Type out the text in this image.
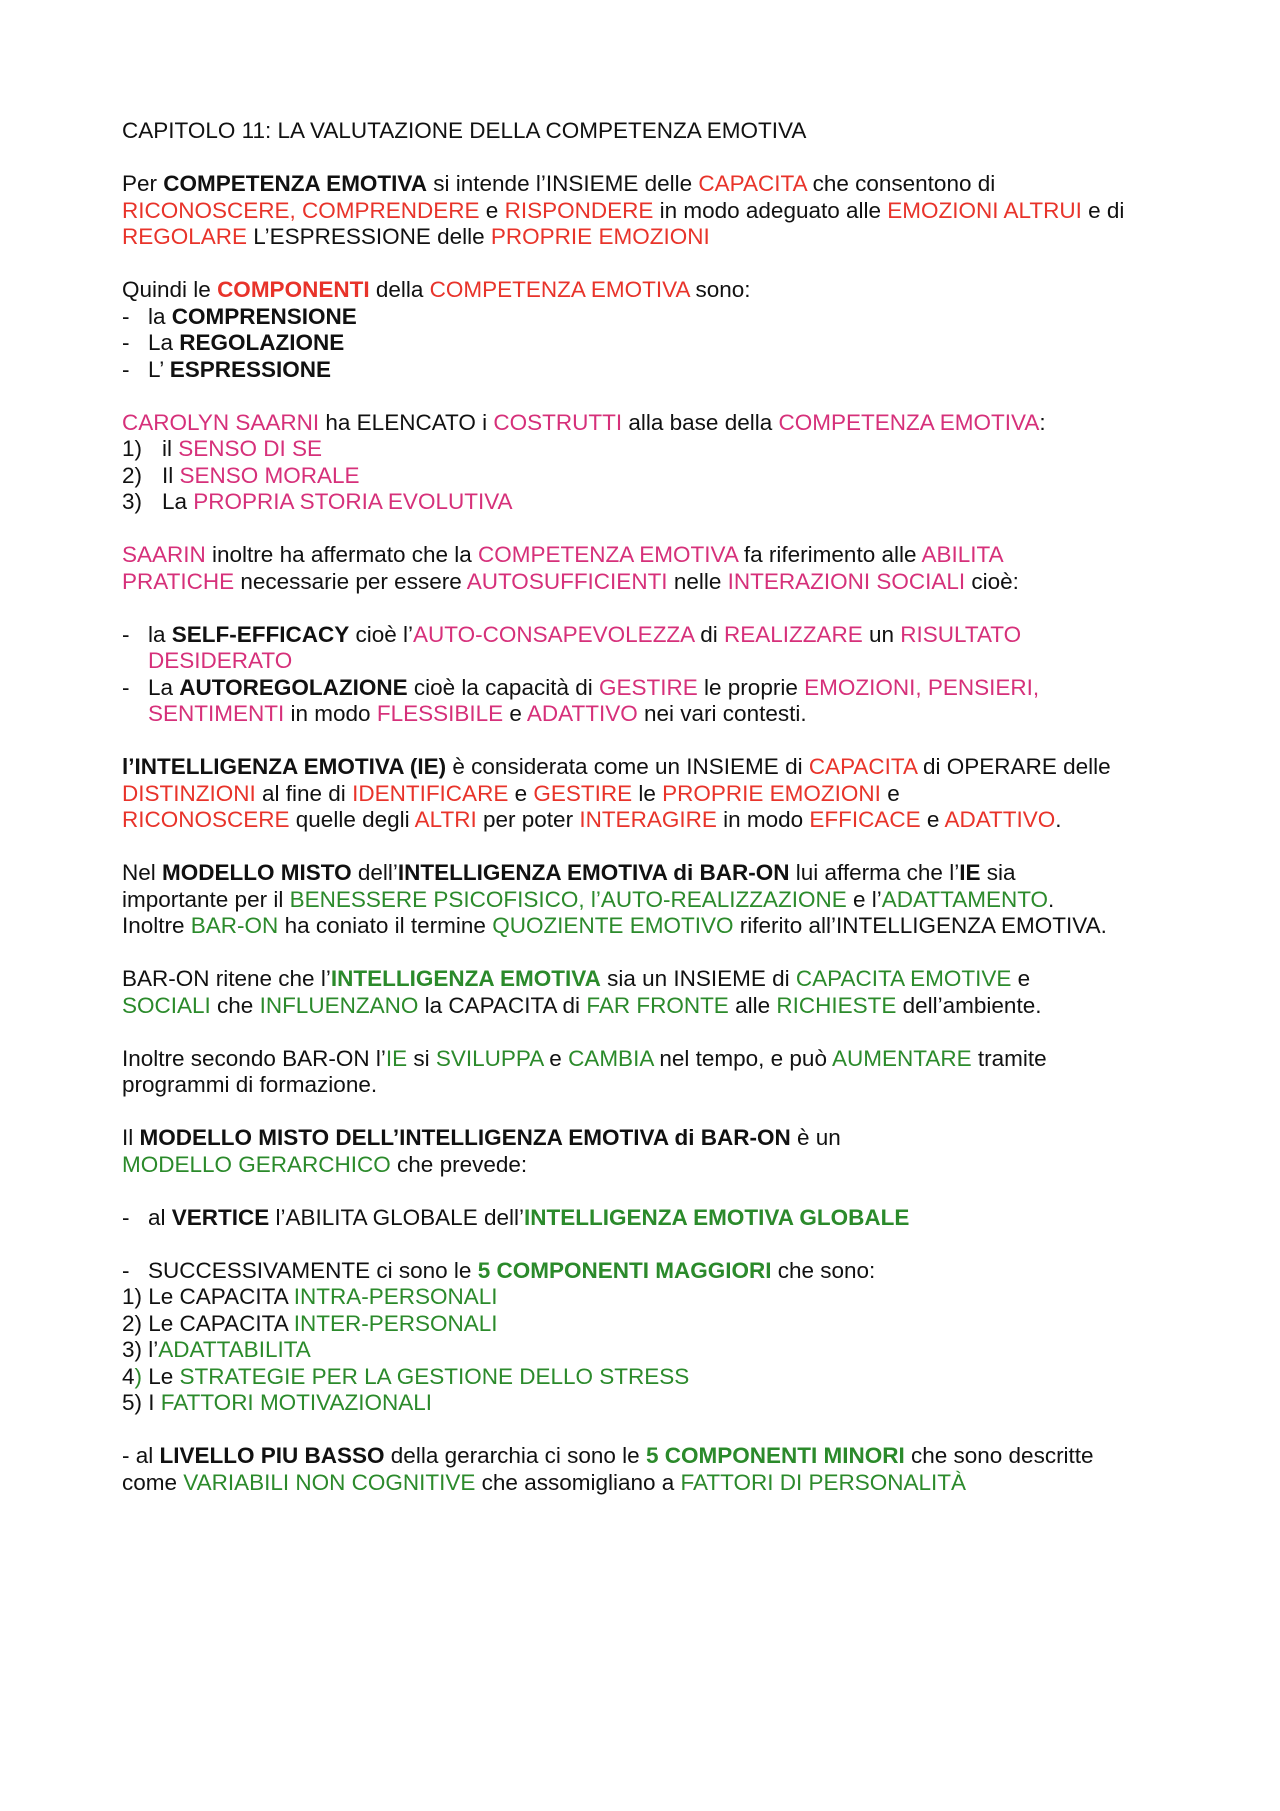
CAPITOLO 11: LA VALUTAZIONE DELLA COMPETENZA EMOTIVA
Per COMPETENZA EMOTIVA si intende l’INSIEME delle CAPACITA che consentono di
RICONOSCERE, COMPRENDERE e RISPONDERE in modo adeguato alle EMOZIONI ALTRUI e di
REGOLARE L’ESPRESSIONE delle PROPRIE EMOZIONI
Quindi le COMPONENTI della COMPETENZA EMOTIVA sono:
- la COMPRENSIONE
- La REGOLAZIONE
- L’ ESPRESSIONE
CAROLYN SAARNI ha ELENCATO i COSTRUTTI alla base della COMPETENZA EMOTIVA:
1) il SENSO DI SE
2) Il SENSO MORALE
3) La PROPRIA STORIA EVOLUTIVA
SAARIN inoltre ha affermato che la COMPETENZA EMOTIVA fa riferimento alle ABILITA
PRATICHE necessarie per essere AUTOSUFFICIENTI nelle INTERAZIONI SOCIALI cioè:
- la SELF-EFFICACY cioè l’AUTO-CONSAPEVOLEZZA di REALIZZARE un RISULTATO
DESIDERATO
- La AUTOREGOLAZIONE cioè la capacità di GESTIRE le proprie EMOZIONI, PENSIERI,
SENTIMENTI in modo FLESSIBILE e ADATTIVO nei vari contesti.
l’INTELLIGENZA EMOTIVA (IE) è considerata come un INSIEME di CAPACITA di OPERARE delle
DISTINZIONI al fine di IDENTIFICARE e GESTIRE le PROPRIE EMOZIONI e
RICONOSCERE quelle degli ALTRI per poter INTERAGIRE in modo EFFICACE e ADATTIVO.
Nel MODELLO MISTO dell’INTELLIGENZA EMOTIVA di BAR-ON lui afferma che l’IE sia
importante per il BENESSERE PSICOFISICO, l’AUTO-REALIZZAZIONE e l’ADATTAMENTO.
Inoltre BAR-ON ha coniato il termine QUOZIENTE EMOTIVO riferito all’INTELLIGENZA EMOTIVA.
BAR-ON ritene che l’INTELLIGENZA EMOTIVA sia un INSIEME di CAPACITA EMOTIVE e
SOCIALI che INFLUENZANO la CAPACITA di FAR FRONTE alle RICHIESTE dell’ambiente.
Inoltre secondo BAR-ON l’IE si SVILUPPA e CAMBIA nel tempo, e può AUMENTARE tramite
programmi di formazione.
Il MODELLO MISTO DELL’INTELLIGENZA EMOTIVA di BAR-ON è un
MODELLO GERARCHICO che prevede:
- al VERTICE l’ABILITA GLOBALE dell’INTELLIGENZA EMOTIVA GLOBALE
- SUCCESSIVAMENTE ci sono le 5 COMPONENTI MAGGIORI che sono:
1) Le CAPACITA INTRA-PERSONALI
2) Le CAPACITA INTER-PERSONALI
3) l’ADATTABILITA
4) Le STRATEGIE PER LA GESTIONE DELLO STRESS
5) I FATTORI MOTIVAZIONALI
- al LIVELLO PIU BASSO della gerarchia ci sono le 5 COMPONENTI MINORI che sono descritte
come VARIABILI NON COGNITIVE che assomigliano a FATTORI DI PERSONALITÀ
